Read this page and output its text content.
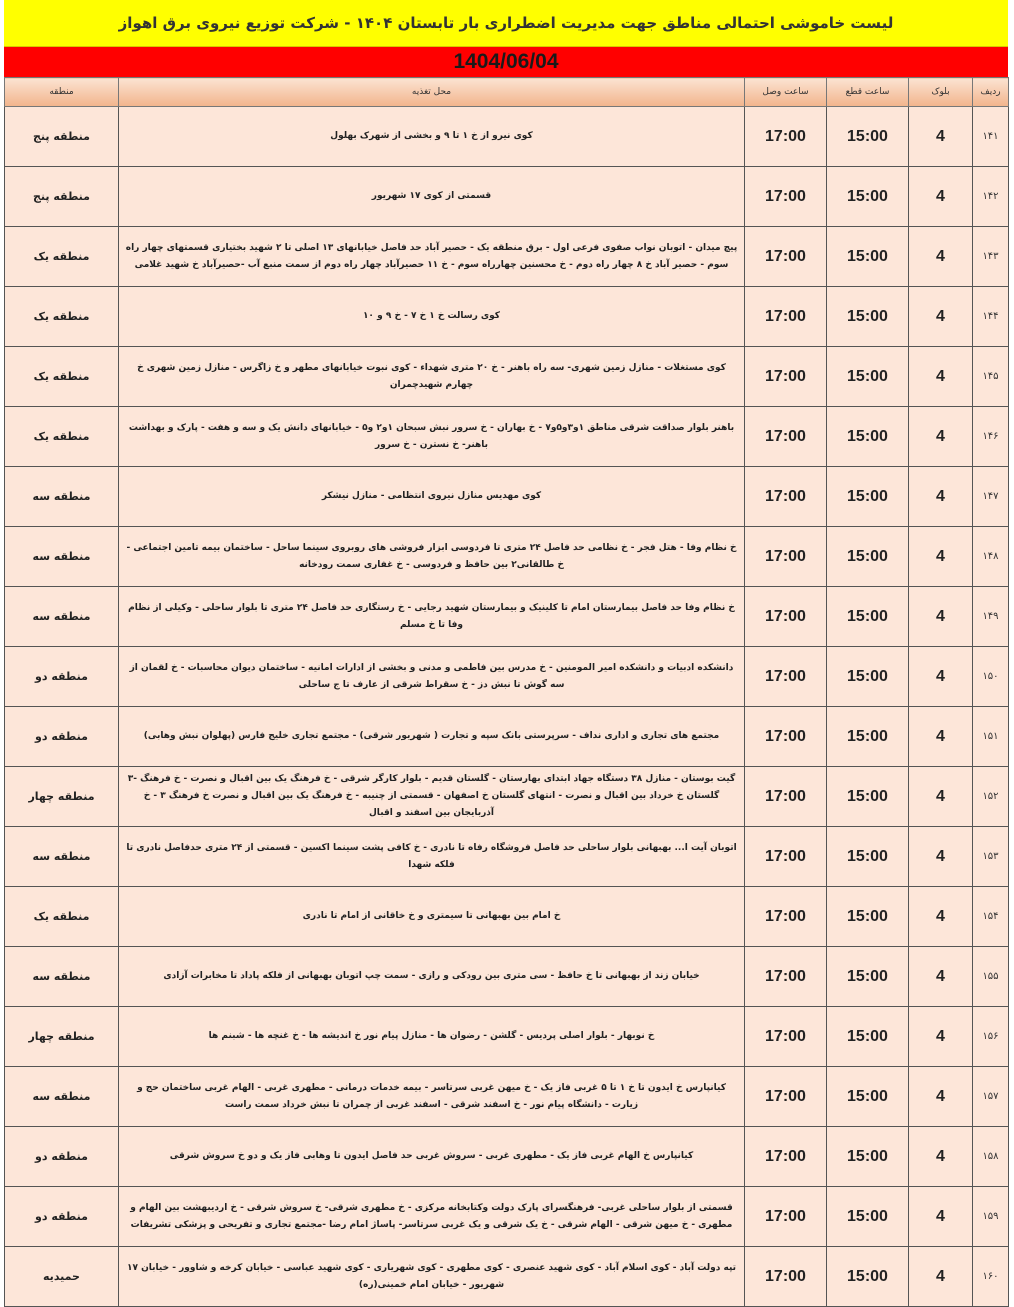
لیست خاموشی احتمالی مناطق جهت مدیریت اضطراری بار تابستان ۱۴۰۴ - شرکت توزیع نیروی برق اهواز
1404/06/04
ردیف	بلوک	ساعت قطع	ساعت وصل	محل تغذیه	منطقه
۱۴۱	4	15:00	17:00	کوی نیرو از خ ۱ تا ۹ و بخشی از شهرک بهلول	منطقه پنج
۱۴۲	4	15:00	17:00	قسمتی از کوی ۱۷ شهریور	منطقه پنج
۱۴۳	4	15:00	17:00	پیچ میدان - اتوبان نواب صفوی فرعی اول - برق منطقه یک - حصیر آباد حد فاصل خیابانهای ۱۳ اصلی تا ۲ شهید بختیاری قسمتهای چهار راه سوم - حصیر آباد خ ۸ چهار راه دوم - خ محسنین چهارراه سوم - خ ۱۱ حصیرآباد چهار راه دوم از سمت منبع آب -حصیرآباد خ شهید غلامی	منطقه یک
۱۴۴	4	15:00	17:00	کوی رسالت خ ۱ خ ۷ - خ ۹ و ۱۰	منطقه یک
۱۴۵	4	15:00	17:00	کوی مستغلات - منازل زمین شهری- سه راه باهنر - خ ۲۰ متری شهداء - کوی نبوت خیابانهای مطهر و خ زاگرس - منازل زمین شهری خ چهارم شهیدچمران	منطقه یک
۱۴۶	4	15:00	17:00	باهنر بلوار صداقت شرقی مناطق ۱و۳و۵و۷ - خ بهاران - خ سرور نبش سبحان ۱و۲ و۵ - خیابانهای دانش یک و سه و هفت - پارک و بهداشت باهنر- خ نسترن - خ سرور	منطقه یک
۱۴۷	4	15:00	17:00	کوی مهدیس منازل نیروی انتظامی - منازل نیشکر	منطقه سه
۱۴۸	4	15:00	17:00	خ نظام وفا - هتل فجر - خ نظامی حد فاصل ۲۴ متری تا فردوسی ابزار فروشی های روبروی سینما ساحل - ساختمان بیمه تامین اجتماعی - خ طالقانی۲ بین حافظ و فردوسی - خ غفاری سمت رودخانه	منطقه سه
۱۴۹	4	15:00	17:00	خ نظام وفا حد فاصل بیمارستان امام تا کلینیک و بیمارستان شهید رجایی - خ رستگاری حد فاصل ۲۴ متری تا بلوار ساحلی - وکیلی از نظام وفا تا خ مسلم	منطقه سه
۱۵۰	4	15:00	17:00	دانشکده ادبیات و دانشکده امیر المومنین - خ مدرس بین فاطمی و مدنی و بخشی از ادارات امانیه - ساختمان دیوان محاسبات - خ لقمان از سه گوش تا نبش دز - خ سقراط شرقی از عارف تا ج ساحلی	منطقه دو
۱۵۱	4	15:00	17:00	مجتمع های تجاری و اداری نداف - سرپرستی بانک سپه و تجارت ( شهریور شرقی) - مجتمع تجاری خلیج فارس (پهلوان نبش وهابی)	منطقه دو
۱۵۲	4	15:00	17:00	گیت بوستان - منازل ۳۸ دستگاه جهاد ابتدای بهارستان - گلستان قدیم - بلوار کارگر شرقی - خ فرهنگ یک بین اقبال و نصرت - خ فرهنگ -۳ گلستان خ خرداد بین اقبال و نصرت - انتهای گلستان خ اصفهان - قسمتی از چنیبه - خ فرهنگ یک بین اقبال و نصرت خ فرهنگ ۳ - خ آذربایجان بین اسفند و اقبال	منطقه چهار
۱۵۳	4	15:00	17:00	اتوبان آیت ا... بهبهانی بلوار ساحلی حد فاصل فروشگاه رفاه تا نادری - خ کافی پشت سینما اکسین - قسمتی از ۲۴ متری حدفاصل نادری تا فلکه شهدا	منطقه سه
۱۵۴	4	15:00	17:00	خ امام بین بهبهانی تا سیمتری و خ خاقانی از امام تا نادری	منطقه یک
۱۵۵	4	15:00	17:00	خیابان زند از بهبهانی تا خ حافظ - سی متری بین رودکی و رازی - سمت چپ اتوبان بهبهانی از فلکه پاداد تا مخابرات آزادی	منطقه سه
۱۵۶	4	15:00	17:00	خ نوبهار - بلوار اصلی پردیس - گلشن - رضوان ها - منازل پیام نور خ اندیشه ها - خ غنچه ها - شبنم ها	منطقه چهار
۱۵۷	4	15:00	17:00	کیانپارس خ ایدون تا خ ۱ تا ۵ غربی فاز یک - خ میهن غربی سرتاسر - بیمه خدمات درمانی - مطهری غربی - الهام غربی ساختمان حج و زیارت - دانشگاه پیام نور - خ اسفند شرقی - اسفند غربی از چمران تا نبش خرداد سمت راست	منطقه سه
۱۵۸	4	15:00	17:00	کیانپارس خ الهام غربی فاز یک - مطهری غربی - سروش غربی حد فاصل ایدون تا وهابی فاز یک و دو خ سروش شرقی	منطقه دو
۱۵۹	4	15:00	17:00	قسمتی از بلوار ساحلی غربی- فرهنگسرای پارک دولت وکتابخانه مرکزی - خ مطهری شرقی- خ سروش شرقی - خ اردیبهشت بین الهام و مطهری - خ میهن شرقی - الهام شرقی - خ یک شرقی و یک غربی سرتاسر- پاساژ امام رضا -مجتمع تجاری و تفریحی و پزشکی تشریفات	منطقه دو
۱۶۰	4	15:00	17:00	تپه دولت آباد - کوی اسلام آباد - کوی شهید عنصری - کوی مطهری - کوی شهریاری - کوی شهید عباسی - خیابان کرخه و شاوور - خیابان ۱۷ شهریور - خیابان امام خمینی(ره)	حمیدیه
